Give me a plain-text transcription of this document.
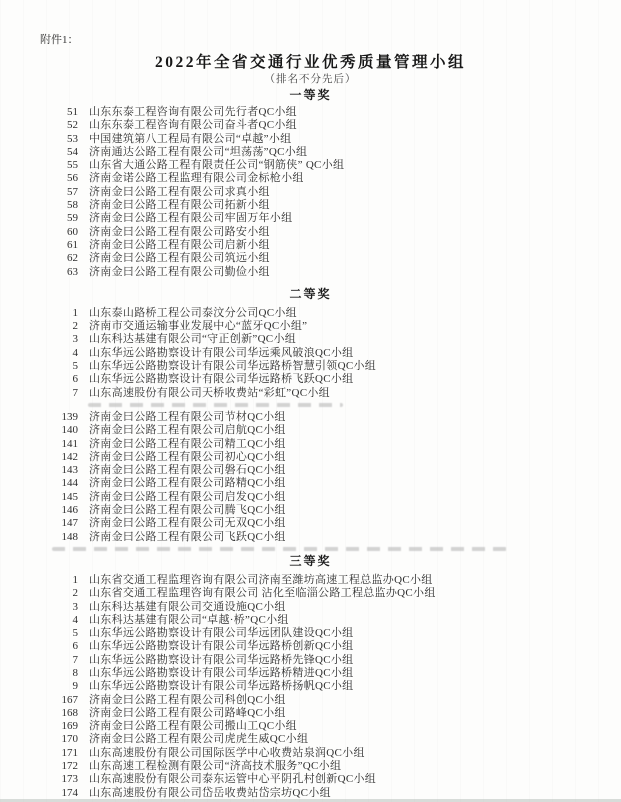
附件1：
2022年全省交通行业优秀质量管理小组
（排名不分先后）
一等奖
51 山东东泰工程咨询有限公司先行者QC小组
52 山东东泰工程咨询有限公司奋斗者QC小组
53 中国建筑第八工程局有限公司“卓越”小组
54 济南通达公路工程有限公司“坦荡荡”QC小组
55 山东省大通公路工程有限责任公司“钢筋侠” QC小组
56 济南金诺公路工程监理有限公司金标枪小组
57 济南金曰公路工程有限公司求真小组
58 济南金曰公路工程有限公司拓新小组
59 济南金曰公路工程有限公司牢固万年小组
60 济南金曰公路工程有限公司路安小组
61 济南金曰公路工程有限公司启新小组
62 济南金曰公路工程有限公司筑远小组
63 济南金曰公路工程有限公司勤俭小组
二等奖
1 山东泰山路桥工程公司泰汶分公司QC小组
2 济南市交通运输事业发展中心“蓝牙QC小组”
3 山东科达基建有限公司“守正创新”QC小组
4 山东华远公路勘察设计有限公司华远乘风破浪QC小组
5 山东华远公路勘察设计有限公司华远路桥智慧引领QC小组
6 山东华远公路勘察设计有限公司华远路桥飞跃QC小组
7 山东高速股份有限公司天桥收费站“彩虹”QC小组
139 济南金曰公路工程有限公司节材QC小组
140 济南金曰公路工程有限公司启航QC小组
141 济南金曰公路工程有限公司精工QC小组
142 济南金曰公路工程有限公司初心QC小组
143 济南金曰公路工程有限公司磐石QC小组
144 济南金曰公路工程有限公司路精QC小组
145 济南金曰公路工程有限公司启发QC小组
146 济南金曰公路工程有限公司腾飞QC小组
147 济南金曰公路工程有限公司无双QC小组
148 济南金曰公路工程有限公司飞跃QC小组
三等奖
1 山东省交通工程监理咨询有限公司济南至潍坊高速工程总监办QC小组
2 山东省交通工程监理咨询有限公司 沾化至临淄公路工程总监办QC小组
3 山东科达基建有限公司交通设施QC小组
4 山东科达基建有限公司“卓越·桥”QC小组
5 山东华远公路勘察设计有限公司华远团队建设QC小组
6 山东华远公路勘察设计有限公司华远路桥创新QC小组
7 山东华远公路勘察设计有限公司华远路桥先锋QC小组
8 山东华远公路勘察设计有限公司华远路桥精进QC小组
9 山东华远公路勘察设计有限公司华远路桥扬帆QC小组
167 济南金曰公路工程有限公司科创QC小组
168 济南金曰公路工程有限公司路峰QC小组
169 济南金曰公路工程有限公司搬山工QC小组
170 济南金曰公路工程有限公司虎虎生威QC小组
171 山东高速股份有限公司国际医学中心收费站泉润QC小组
172 山东高速工程检测有限公司“济高技术服务”QC小组
173 山东高速股份有限公司泰东运管中心平阴孔村创新QC小组
174 山东高速股份有限公司岱岳收费站岱宗坊QC小组
